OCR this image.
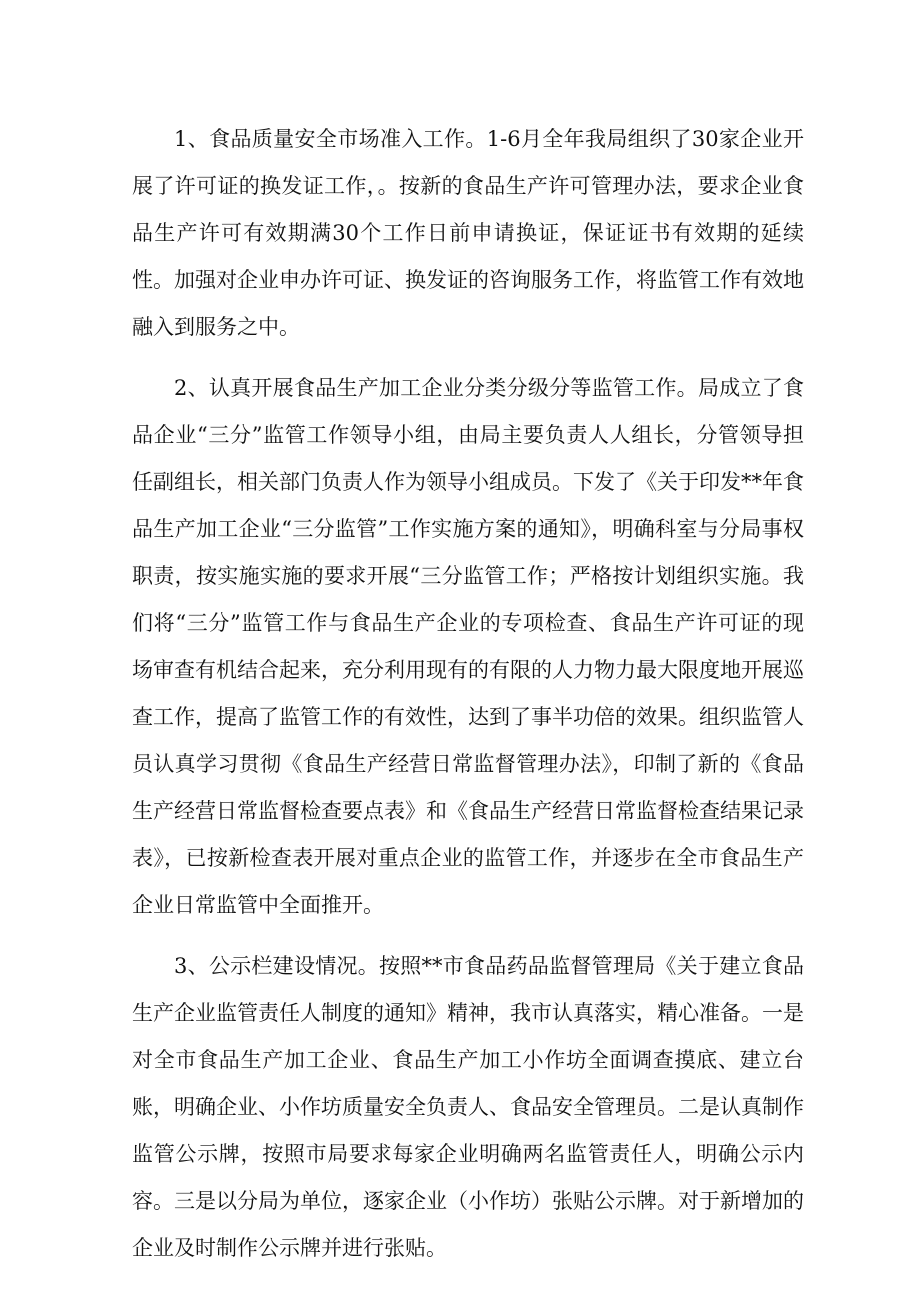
1、食品质量安全市场准入工作。1-6月全年我局组织了30家企业开展了许可证的换发证工作，。按新的食品生产许可管理办法，要求企业食品生产许可有效期满30个工作日前申请换证，保证证书有效期的延续性。加强对企业申办许可证、换发证的咨询服务工作，将监管工作有效地融入到服务之中。

2、认真开展食品生产加工企业分类分级分等监管工作。局成立了食品企业“三分”监管工作领导小组，由局主要负责人人组长，分管领导担任副组长，相关部门负责人作为领导小组成员。下发了《关于印发**年食品生产加工企业“三分监管”工作实施方案的通知》，明确科室与分局事权职责，按实施实施的要求开展“三分监管工作；严格按计划组织实施。我们将“三分”监管工作与食品生产企业的专项检查、食品生产许可证的现场审查有机结合起来，充分利用现有的有限的人力物力最大限度地开展巡查工作，提高了监管工作的有效性，达到了事半功倍的效果。组织监管人员认真学习贯彻《食品生产经营日常监督管理办法》，印制了新的《食品生产经营日常监督检查要点表》和《食品生产经营日常监督检查结果记录表》，已按新检查表开展对重点企业的监管工作，并逐步在全市食品生产企业日常监管中全面推开。

3、公示栏建设情况。按照**市食品药品监督管理局《关于建立食品生产企业监管责任人制度的通知》精神，我市认真落实，精心准备。一是对全市食品生产加工企业、食品生产加工小作坊全面调查摸底、建立台账，明确企业、小作坊质量安全负责人、食品安全管理员。二是认真制作监管公示牌，按照市局要求每家企业明确两名监管责任人，明确公示内容。三是以分局为单位，逐家企业（小作坊）张贴公示牌。对于新增加的企业及时制作公示牌并进行张贴。
